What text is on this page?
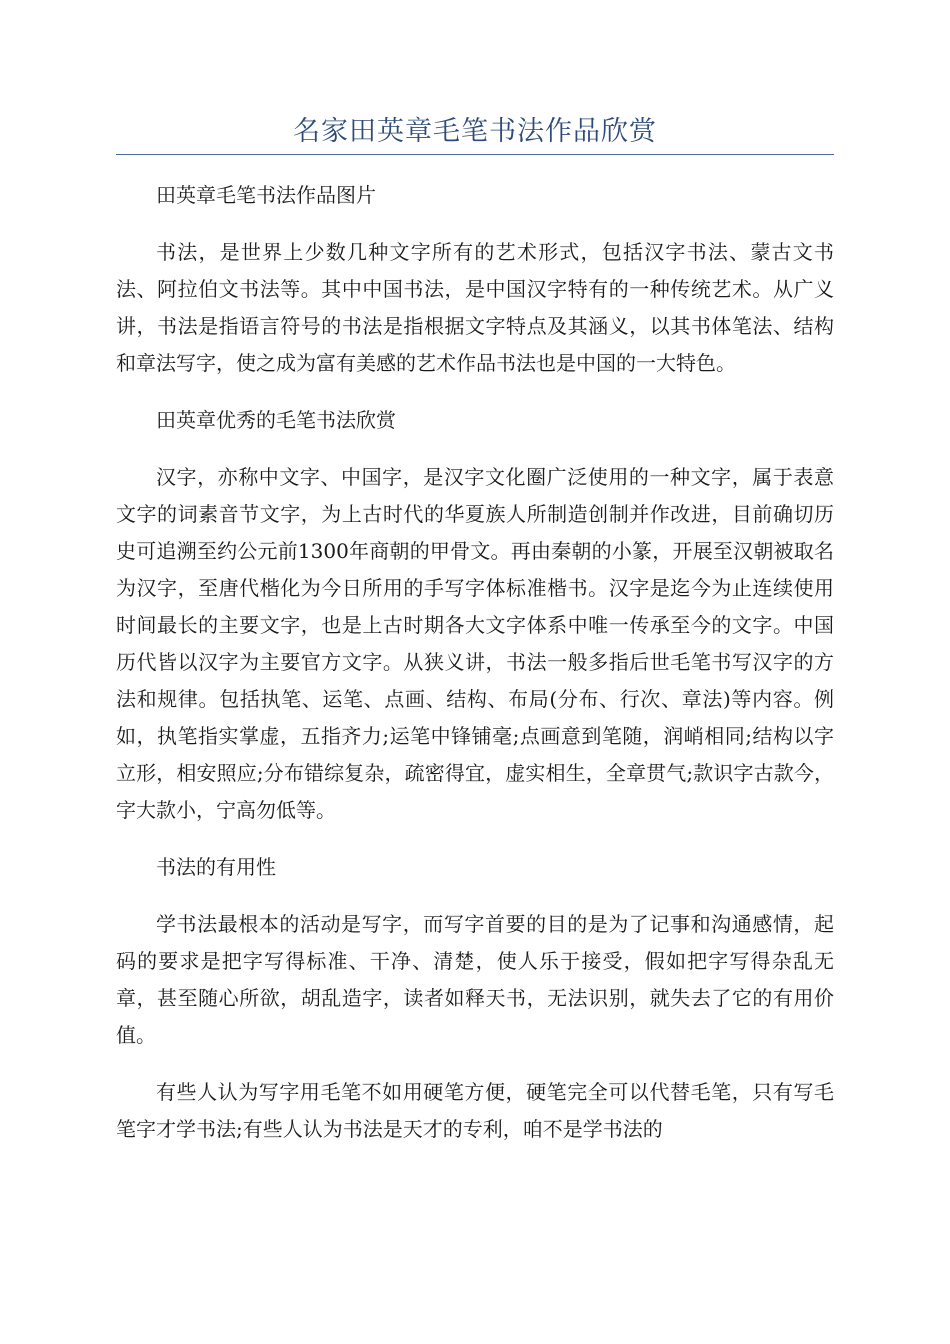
名家田英章毛笔书法作品欣赏

田英章毛笔书法作品图片

书法，是世界上少数几种文字所有的艺术形式，包括汉字书法、蒙古文书法、阿拉伯文书法等。其中中国书法，是中国汉字特有的一种传统艺术。从广义讲，书法是指语言符号的书法是指根据文字特点及其涵义，以其书体笔法、结构和章法写字，使之成为富有美感的艺术作品书法也是中国的一大特色。

田英章优秀的毛笔书法欣赏

汉字，亦称中文字、中国字，是汉字文化圈广泛使用的一种文字，属于表意文字的词素音节文字，为上古时代的华夏族人所制造创制并作改进，目前确切历史可追溯至约公元前1300年商朝的甲骨文。再由秦朝的小篆，开展至汉朝被取名为汉字，至唐代楷化为今日所用的手写字体标准楷书。汉字是迄今为止连续使用时间最长的主要文字，也是上古时期各大文字体系中唯一传承至今的文字。中国历代皆以汉字为主要官方文字。从狭义讲，书法一般多指后世毛笔书写汉字的方法和规律。包括执笔、运笔、点画、结构、布局(分布、行次、章法)等内容。例如，执笔指实掌虚，五指齐力;运笔中锋铺毫;点画意到笔随，润峭相同;结构以字立形，相安照应;分布错综复杂，疏密得宜，虚实相生，全章贯气;款识字古款今，字大款小，宁高勿低等。

书法的有用性

学书法最根本的活动是写字，而写字首要的目的是为了记事和沟通感情，起码的要求是把字写得标准、干净、清楚，使人乐于接受，假如把字写得杂乱无章，甚至随心所欲，胡乱造字，读者如释天书，无法识别，就失去了它的有用价值。

有些人认为写字用毛笔不如用硬笔方便，硬笔完全可以代替毛笔，只有写毛笔字才学书法;有些人认为书法是天才的专利，咱不是学书法的
